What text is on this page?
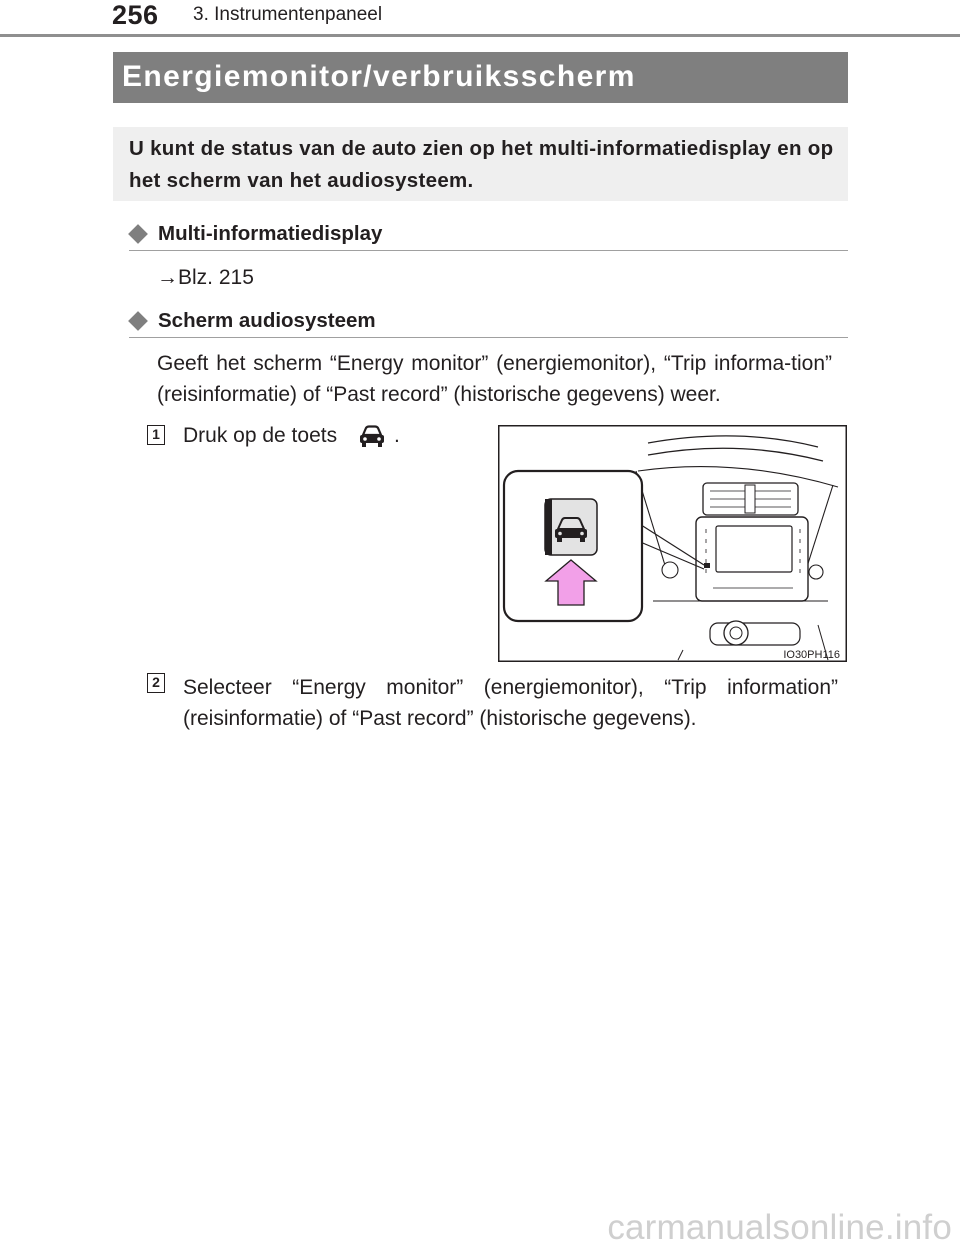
256 3. Instrumentenpaneel
Energiemonitor/verbruiksscherm
U kunt de status van de auto zien op het multi-informatiedisplay en op het scherm van het audiosysteem.
Multi-informatiedisplay
→Blz. 215
Scherm audiosysteem
Geeft het scherm “Energy monitor” (energiemonitor), “Trip informa-tion” (reisinformatie) of “Past record” (historische gegevens) weer.
1 Druk op de toets	.
IO30PH116
2 Selecteer “Energy monitor” (energiemonitor), “Trip information” (reisinformatie) of “Past record” (historische gegevens).
carmanualsonline.info
